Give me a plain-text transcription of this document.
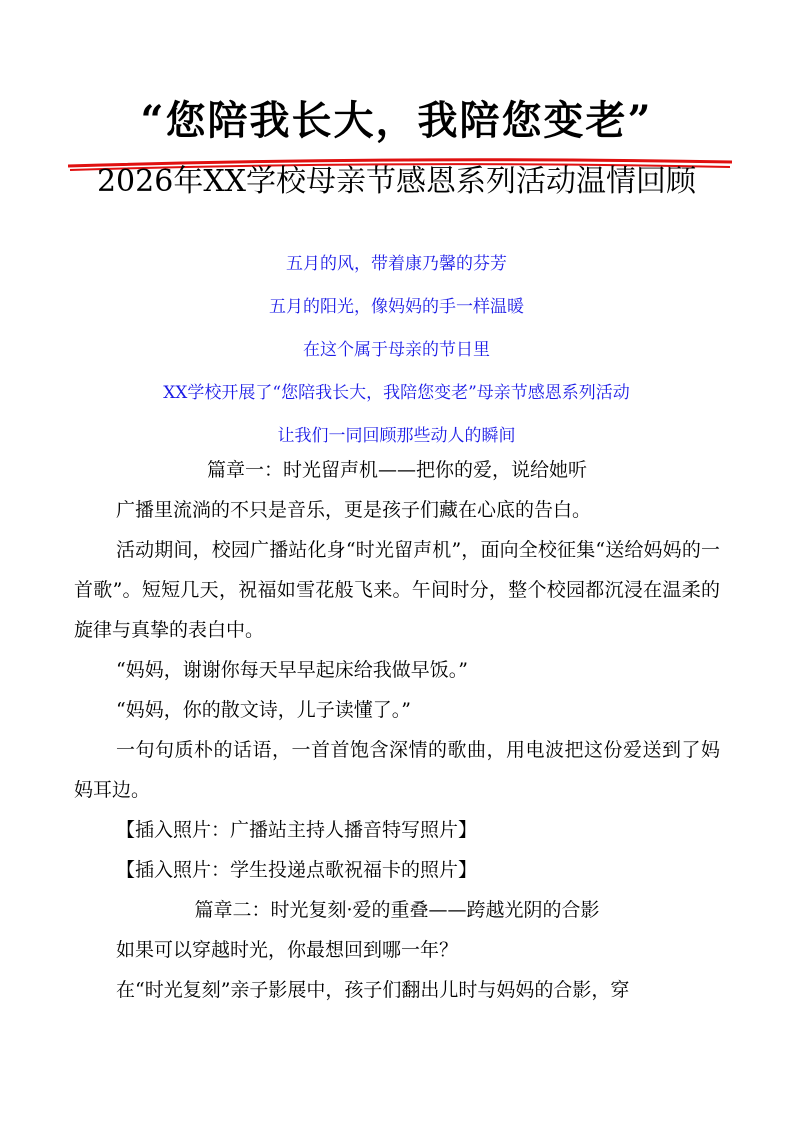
“您陪我长大，我陪您变老”
2026年XX学校母亲节感恩系列活动温情回顾
五月的风，带着康乃馨的芬芳
五月的阳光，像妈妈的手一样温暖
在这个属于母亲的节日里
XX学校开展了“您陪我长大，我陪您变老”母亲节感恩系列活动
让我们一同回顾那些动人的瞬间
篇章一：时光留声机——把你的爱，说给她听
广播里流淌的不只是音乐，更是孩子们藏在心底的告白。
活动期间，校园广播站化身“时光留声机”，面向全校征集“送给妈妈的一首歌”。短短几天，祝福如雪花般飞来。午间时分，整个校园都沉浸在温柔的旋律与真挚的表白中。
“妈妈，谢谢你每天早早起床给我做早饭。”
“妈妈，你的散文诗，儿子读懂了。”
一句句质朴的话语，一首首饱含深情的歌曲，用电波把这份爱送到了妈妈耳边。
【插入照片：广播站主持人播音特写照片】
【插入照片：学生投递点歌祝福卡的照片】
篇章二：时光复刻·爱的重叠——跨越光阴的合影
如果可以穿越时光，你最想回到哪一年？
在“时光复刻”亲子影展中，孩子们翻出儿时与妈妈的合影，穿
